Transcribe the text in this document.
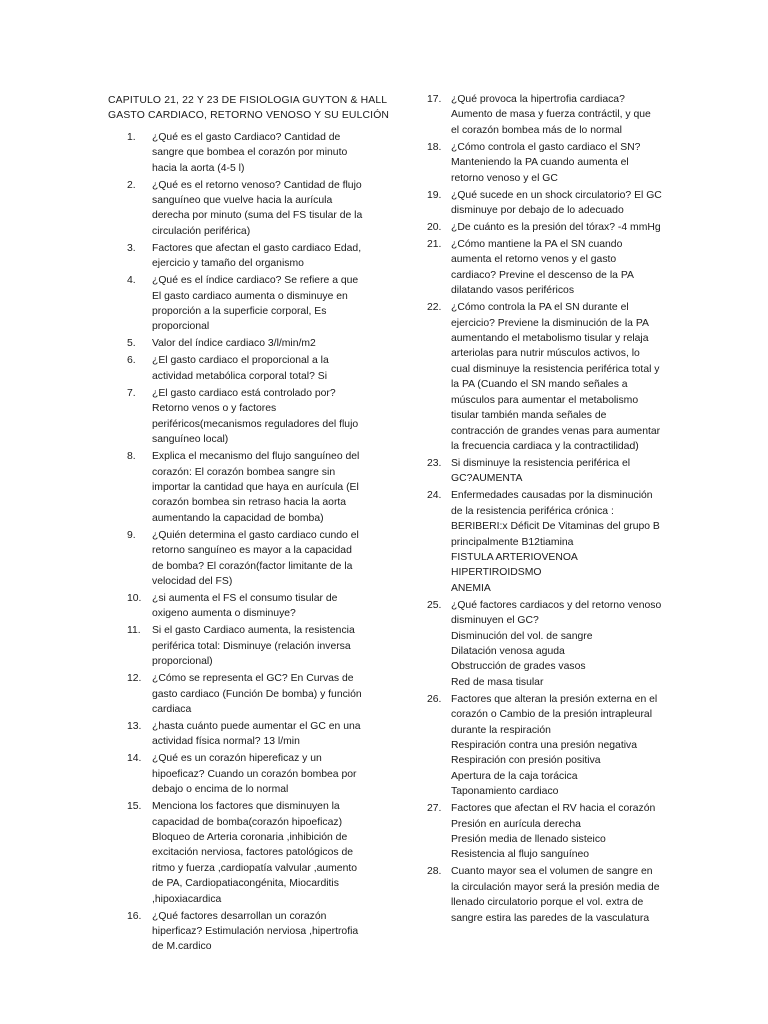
CAPITULO 21, 22 Y 23 DE FISIOLOGIA GUYTON & HALL
GASTO CARDIACO, RETORNO VENOSO Y SU EULCIÓN
1.	¿Qué es el gasto Cardiaco? Cantidad de
sangre que bombea el corazón por minuto
hacia la aorta (4-5 l)
2.	¿Qué es el retorno venoso? Cantidad de flujo
sanguíneo que vuelve hacia la aurícula
derecha por minuto (suma del FS tisular de la
circulación periférica)
3.	Factores que afectan el gasto cardiaco Edad,
ejercicio y tamaño del organismo
4.	¿Qué es el índice cardiaco? Se refiere a que
El gasto cardiaco aumenta o disminuye en
proporción a la superficie corporal, Es
proporcional
5.	Valor del índice cardiaco 3/l/min/m2
6.	¿El gasto cardiaco el proporcional a la
actividad metabólica corporal total? Si
7.	¿El gasto cardiaco está controlado por?
Retorno venos o y factores
periféricos(mecanismos reguladores del flujo
sanguíneo local)
8.	Explica el mecanismo del flujo sanguíneo del
corazón: El corazón bombea sangre sin
importar la cantidad que haya en aurícula (El
corazón bombea sin retraso hacia la aorta
aumentando la capacidad de bomba)
9.	¿Quién determina el gasto cardiaco cundo el
retorno sanguíneo es mayor a la capacidad
de bomba? El corazón(factor limitante de la
velocidad del FS)
10.	¿si aumenta el FS el consumo tisular de
oxigeno aumenta o disminuye?
11.	Si el gasto Cardiaco aumenta, la resistencia
periférica total: Disminuye (relación inversa
proporcional)
12.	¿Cómo se representa el GC? En Curvas de
gasto cardiaco (Función De bomba) y función
cardiaca
13.	¿hasta cuánto puede aumentar el GC en una
actividad física normal? 13 l/min
14.	¿Qué es un corazón hipereficaz y un
hipoeficaz? Cuando un corazón bombea por
debajo o encima de lo normal
15.	Menciona los factores que disminuyen la
capacidad de bomba(corazón hipoeficaz)
Bloqueo de Arteria coronaria ,inhibición de
excitación nerviosa, factores patológicos de
ritmo y fuerza ,cardiopatía valvular ,aumento
de PA, Cardiopatiacongénita, Miocarditis
,hipoxiacardica
16.	¿Qué factores desarrollan un corazón
hiperficaz? Estimulación nerviosa ,hipertrofia
de M.cardico
17. ¿Qué provoca la hipertrofia cardiaca?
Aumento de masa y fuerza contráctil, y que
el corazón bombea más de lo normal
18. ¿Cómo controla el gasto cardiaco el SN?
Manteniendo la PA cuando aumenta el
retorno venoso y el GC
19. ¿Qué sucede en un shock circulatorio? El GC
disminuye por debajo de lo adecuado
20. ¿De cuánto es la presión del tórax? -4 mmHg
21. ¿Cómo mantiene la PA el SN cuando
aumenta el retorno venos y el gasto
cardiaco? Previne el descenso de la PA
dilatando vasos periféricos
22. ¿Cómo controla la PA el SN durante el
ejercicio? Previene la disminución de la PA
aumentando el metabolismo tisular y relaja
arteriolas para nutrir músculos activos, lo
cual disminuye la resistencia periférica total y
la PA (Cuando el SN mando señales a
músculos para aumentar el metabolismo
tisular también manda señales de
contracción de grandes venas para aumentar
la frecuencia cardiaca y la contractilidad)
23. Si disminuye la resistencia periférica el
GC?AUMENTA
24. Enfermedades causadas por la disminución
de la resistencia periférica crónica :
BERIBERI:x Déficit De Vitaminas del grupo B
principalmente B12tiamina
FISTULA ARTERIOVENOA
HIPERTIROIDSMO
ANEMIA
25. ¿Qué factores cardiacos y del retorno venoso
disminuyen el GC?
Disminución del vol. de sangre
Dilatación venosa aguda
Obstrucción de grades vasos
Red de masa tisular
26. Factores que alteran la presión externa en el
corazón o Cambio de la presión intrapleural
durante la respiración
Respiración contra una presión negativa
Respiración con presión positiva
Apertura de la caja torácica
Taponamiento cardiaco
27. Factores que afectan el RV hacia el corazón
Presión en aurícula derecha
Presión media de llenado sisteico
Resistencia al flujo sanguíneo
28. Cuanto mayor sea el volumen de sangre en
la circulación mayor será la presión media de
llenado circulatorio porque el vol. extra de
sangre estira las paredes de la vasculatura
